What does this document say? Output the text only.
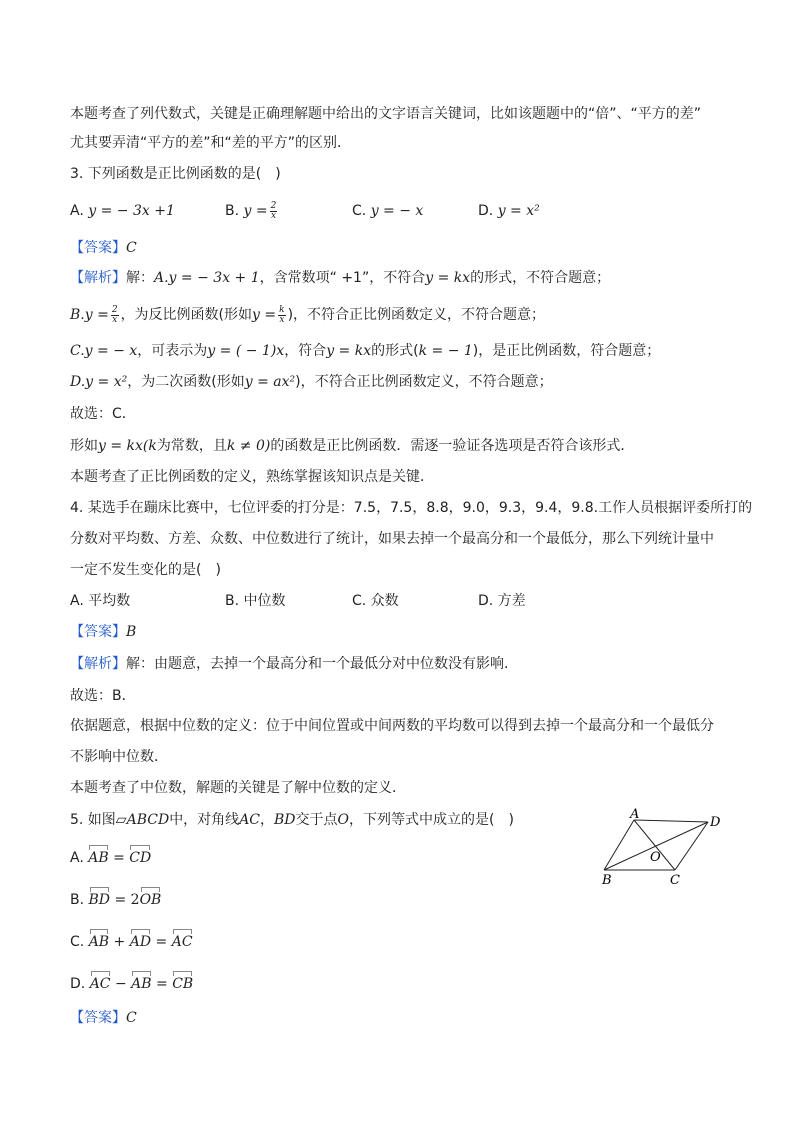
本题考查了列代数式，关键是正确理解题中给出的文字语言关键词，比如该题题中的“倍”、“平方的差”
尤其要弄清“平方的差”和“差的平方”的区别．
3. 下列函数是正比例函数的是(　)
A. y = − 3x +1	B. $y = \frac{2}{x}$	C. y = − x	D. y = x²
【答案】C
【解析】解：A.y = − 3x + 1，含常数项“ +1”，不符合y = kx的形式，不符合题意；
$B.y = \frac{2}{x}$ ，为反比例函数(形如$y = \frac{k}{x}$ )，不符合正比例函数定义，不符合题意；
C.y = − x，可表示为y = ( − 1)x，符合y = kx的形式(k = − 1)，是正比例函数，符合题意；
D.y = x²，为二次函数(形如y = ax²)，不符合正比例函数定义，不符合题意；
故选：C．
形如y = kx(k为常数，且k ≠ 0)的函数是正比例函数．需逐一验证各选项是否符合该形式．
本题考查了正比例函数的定义，熟练掌握该知识点是关键．
4. 某选手在蹦床比赛中，七位评委的打分是：7.5，7.5，8.8，9.0，9.3，9.4，9.8.工作人员根据评委所打的
分数对平均数、方差、众数、中位数进行了统计，如果去掉一个最高分和一个最低分，那么下列统计量中
一定不发生变化的是(　)
A. 平均数	B. 中位数	C. 众数	D. 方差
【答案】B
【解析】解：由题意，去掉一个最高分和一个最低分对中位数没有影响．
故选：B．
依据题意，根据中位数的定义：位于中间位置或中间两数的平均数可以得到去掉一个最高分和一个最低分
不影响中位数．
本题考查了中位数，解题的关键是了解中位数的定义．
5. 如图▱ABCD中，对角线AC，BD交于点O，下列等式中成立的是(　)
A. AB = CD
B. BD = 2OB
C. AB + AD = AC
D. AC − AB = CB
【答案】C
A
D
O
B	C
